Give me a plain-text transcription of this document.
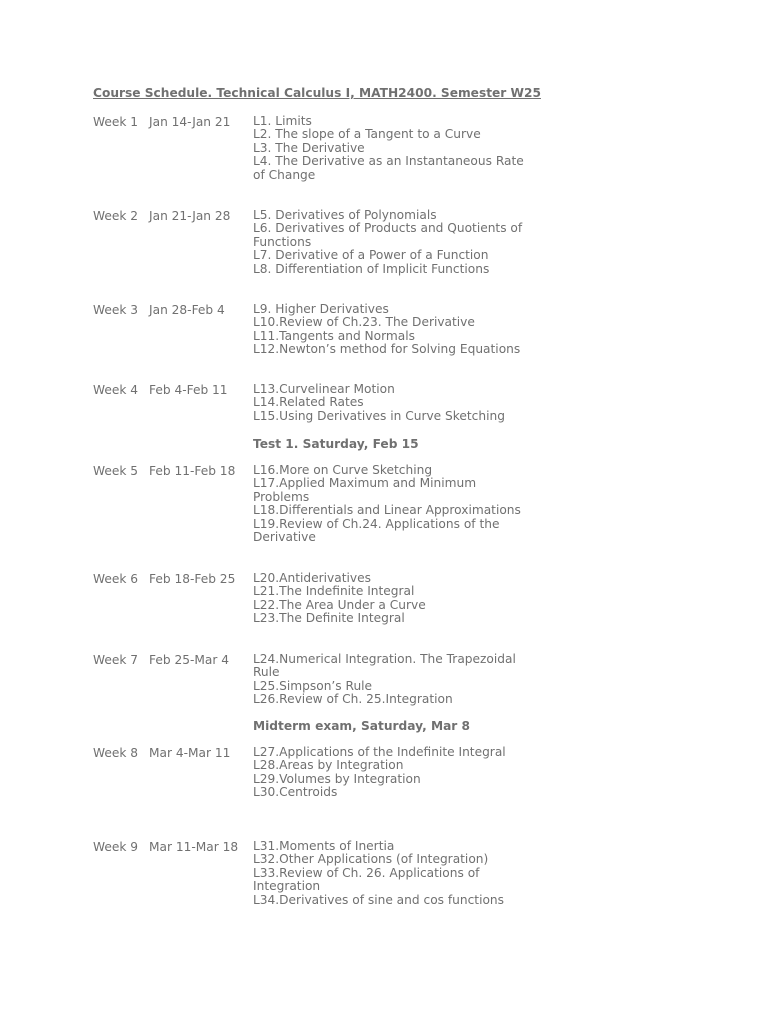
Course Schedule. Technical Calculus I, MATH2400. Semester W25
Week 1 Jan 14-Jan 21 L1. Limits
L2. The slope of a Tangent to a Curve
L3. The Derivative
L4. The Derivative as an Instantaneous Rate of Change
Week 2 Jan 21-Jan 28 L5. Derivatives of Polynomials
L6. Derivatives of Products and Quotients of Functions
L7. Derivative of a Power of a Function
L8. Differentiation of Implicit Functions
Week 3 Jan 28-Feb 4 L9. Higher Derivatives
L10.Review of Ch.23. The Derivative
L11.Tangents and Normals
L12.Newton’s method for Solving Equations
Week 4 Feb 4-Feb 11 L13.Curvelinear Motion
L14.Related Rates
L15.Using Derivatives in Curve Sketching
Test 1. Saturday, Feb 15
Week 5 Feb 11-Feb 18 L16.More on Curve Sketching
L17.Applied Maximum and Minimum Problems
L18.Differentials and Linear Approximations
L19.Review of Ch.24. Applications of the Derivative
Week 6 Feb 18-Feb 25 L20.Antiderivatives
L21.The Indefinite Integral
L22.The Area Under a Curve
L23.The Definite Integral
Week 7 Feb 25-Mar 4 L24.Numerical Integration. The Trapezoidal Rule
L25.Simpson’s Rule
L26.Review of Ch. 25.Integration
Midterm exam, Saturday, Mar 8
Week 8 Mar 4-Mar 11 L27.Applications of the Indefinite Integral
L28.Areas by Integration
L29.Volumes by Integration
L30.Centroids
Week 9 Mar 11-Mar 18 L31.Moments of Inertia
L32.Other Applications (of Integration)
L33.Review of Ch. 26. Applications of Integration
L34.Derivatives of sine and cos functions
